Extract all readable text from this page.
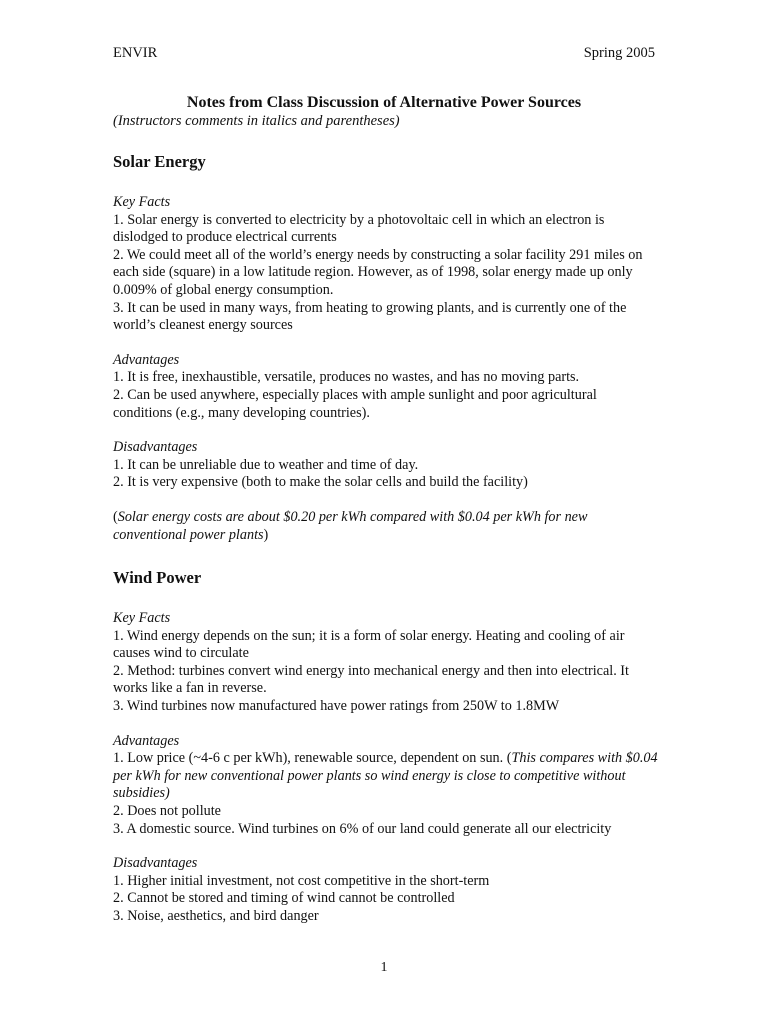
ENVIR	Spring 2005
Notes from Class Discussion of Alternative Power Sources
(Instructors comments in italics and parentheses)
Solar Energy

Key Facts

1. Solar energy is converted to electricity by a photovoltaic cell in which an electron is dislodged to produce electrical currents

2. We could meet all of the world’s energy needs by constructing a solar facility 291 miles on each side (square) in a low latitude region. However, as of 1998, solar energy made up only 0.009% of global energy consumption.

3. It can be used in many ways, from heating to growing plants, and is currently one of the world’s cleanest energy sources

Advantages

1. It is free, inexhaustible, versatile, produces no wastes, and has no moving parts.

2. Can be used anywhere, especially places with ample sunlight and poor agricultural conditions (e.g., many developing countries).

Disadvantages

1. It can be unreliable due to weather and time of day.

2. It is very expensive (both to make the solar cells and build the facility)

(Solar energy costs are about $0.20 per kWh compared with $0.04 per kWh for new conventional power plants)

Wind Power

Key Facts

1. Wind energy depends on the sun; it is a form of solar energy. Heating and cooling of air causes wind to circulate

2. Method: turbines convert wind energy into mechanical energy and then into electrical. It works like a fan in reverse.

3. Wind turbines now manufactured have power ratings from 250W to 1.8MW

Advantages

1. Low price (~4-6 c per kWh), renewable source, dependent on sun. (This compares with $0.04 per kWh for new conventional power plants so wind energy is close to competitive without subsidies)

2. Does not pollute

3. A domestic source. Wind turbines on 6% of our land could generate all our electricity

Disadvantages

1. Higher initial investment, not cost competitive in the short-term

2. Cannot be stored and timing of wind cannot be controlled

3. Noise, aesthetics, and bird danger

1
